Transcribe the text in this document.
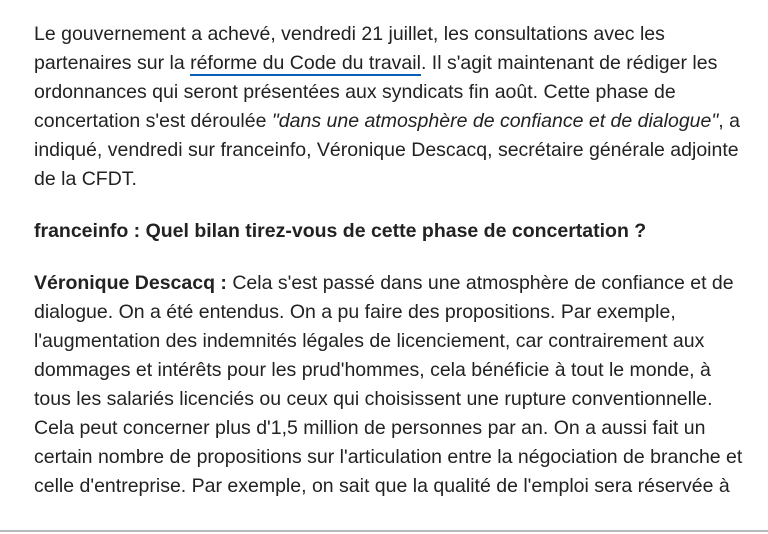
Le gouvernement a achevé, vendredi 21 juillet, les consultations avec les partenaires sur la réforme du Code du travail. Il s'agit maintenant de rédiger les ordonnances qui seront présentées aux syndicats fin août. Cette phase de concertation s'est déroulée "dans une atmosphère de confiance et de dialogue", a indiqué, vendredi sur franceinfo, Véronique Descacq, secrétaire générale adjointe de la CFDT.

franceinfo : Quel bilan tirez-vous de cette phase de concertation ?

Véronique Descacq : Cela s'est passé dans une atmosphère de confiance et de dialogue. On a été entendus. On a pu faire des propositions. Par exemple, l'augmentation des indemnités légales de licenciement, car contrairement aux dommages et intérêts pour les prud'hommes, cela bénéficie à tout le monde, à tous les salariés licenciés ou ceux qui choisissent une rupture conventionnelle. Cela peut concerner plus d'1,5 million de personnes par an. On a aussi fait un certain nombre de propositions sur l'articulation entre la négociation de branche et celle d'entreprise. Par exemple, on sait que la qualité de l'emploi sera réservée à
